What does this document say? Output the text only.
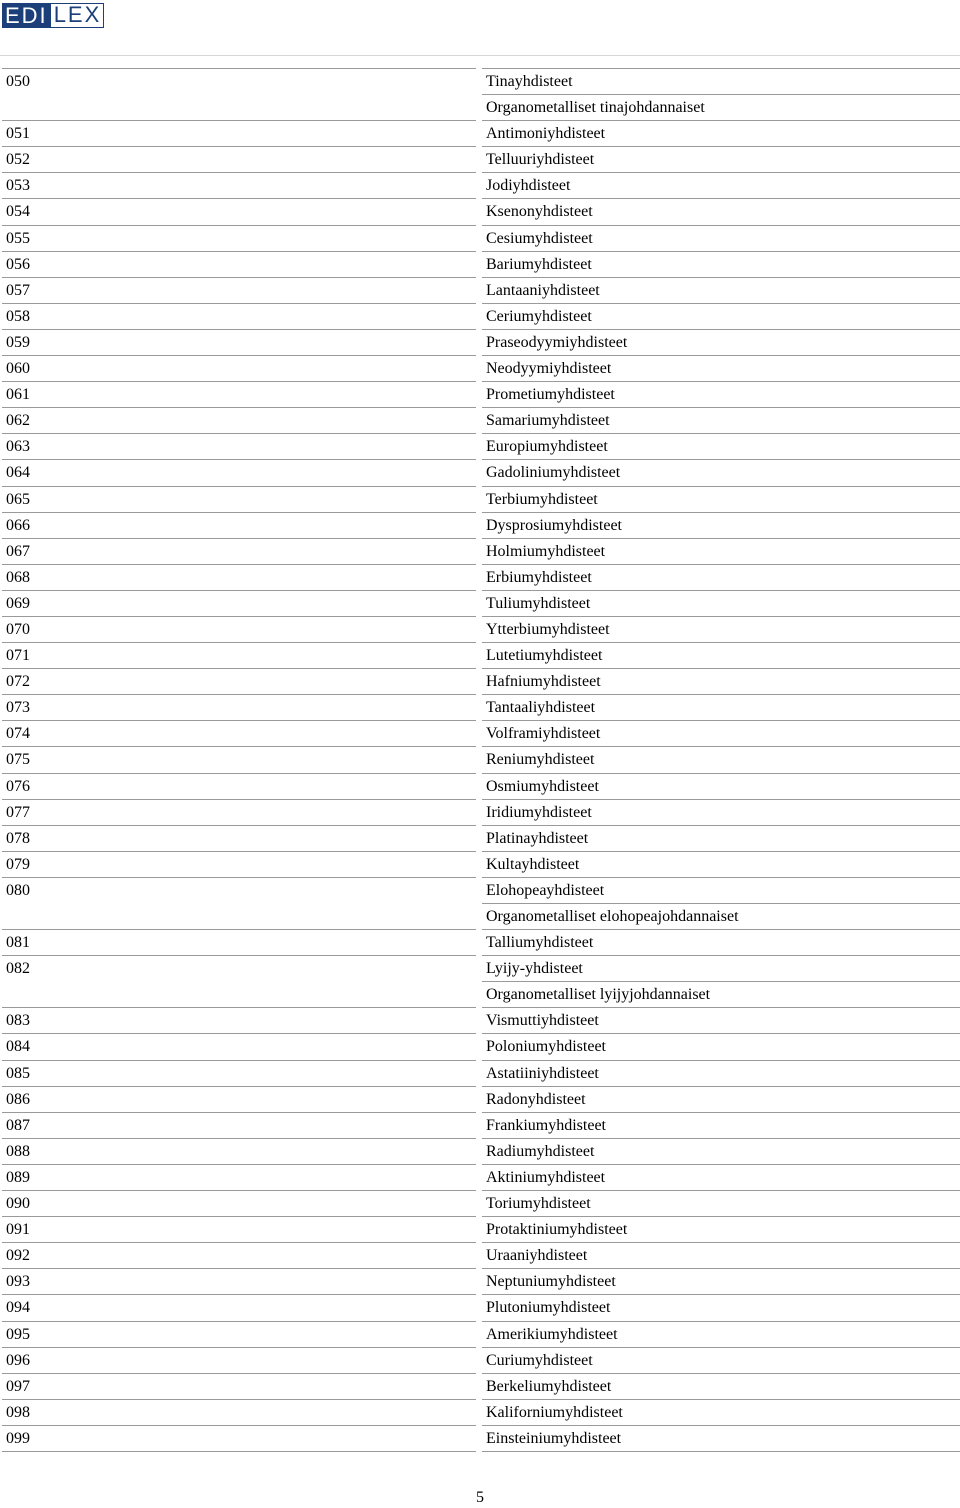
EDI LEX
050	Tinayhdisteet
Organometalliset tinajohdannaiset
051	Antimoniyhdisteet
052	Telluuriyhdisteet
053	Jodiyhdisteet
054	Ksenonyhdisteet
055	Cesiumyhdisteet
056	Bariumyhdisteet
057	Lantaaniyhdisteet
058	Ceriumyhdisteet
059	Praseodyymiyhdisteet
060	Neodyymiyhdisteet
061	Prometiumyhdisteet
062	Samariumyhdisteet
063	Europiumyhdisteet
064	Gadoliniumyhdisteet
065	Terbiumyhdisteet
066	Dysprosiumyhdisteet
067	Holmiumyhdisteet
068	Erbiumyhdisteet
069	Tuliumyhdisteet
070	Ytterbiumyhdisteet
071	Lutetiumyhdisteet
072	Hafniumyhdisteet
073	Tantaaliyhdisteet
074	Volframiyhdisteet
075	Reniumyhdisteet
076	Osmiumyhdisteet
077	Iridiumyhdisteet
078	Platinayhdisteet
079	Kultayhdisteet
080	Elohopeayhdisteet
Organometalliset elohopeajohdannaiset
081	Talliumyhdisteet
082	Lyijy-yhdisteet
Organometalliset lyijyjohdannaiset
083	Vismuttiyhdisteet
084	Poloniumyhdisteet
085	Astatiiniyhdisteet
086	Radonyhdisteet
087	Frankiumyhdisteet
088	Radiumyhdisteet
089	Aktiniumyhdisteet
090	Toriumyhdisteet
091	Protaktiniumyhdisteet
092	Uraaniyhdisteet
093	Neptuniumyhdisteet
094	Plutoniumyhdisteet
095	Amerikiumyhdisteet
096	Curiumyhdisteet
097	Berkeliumyhdisteet
098	Kaliforniumyhdisteet
099	Einsteiniumyhdisteet
5
